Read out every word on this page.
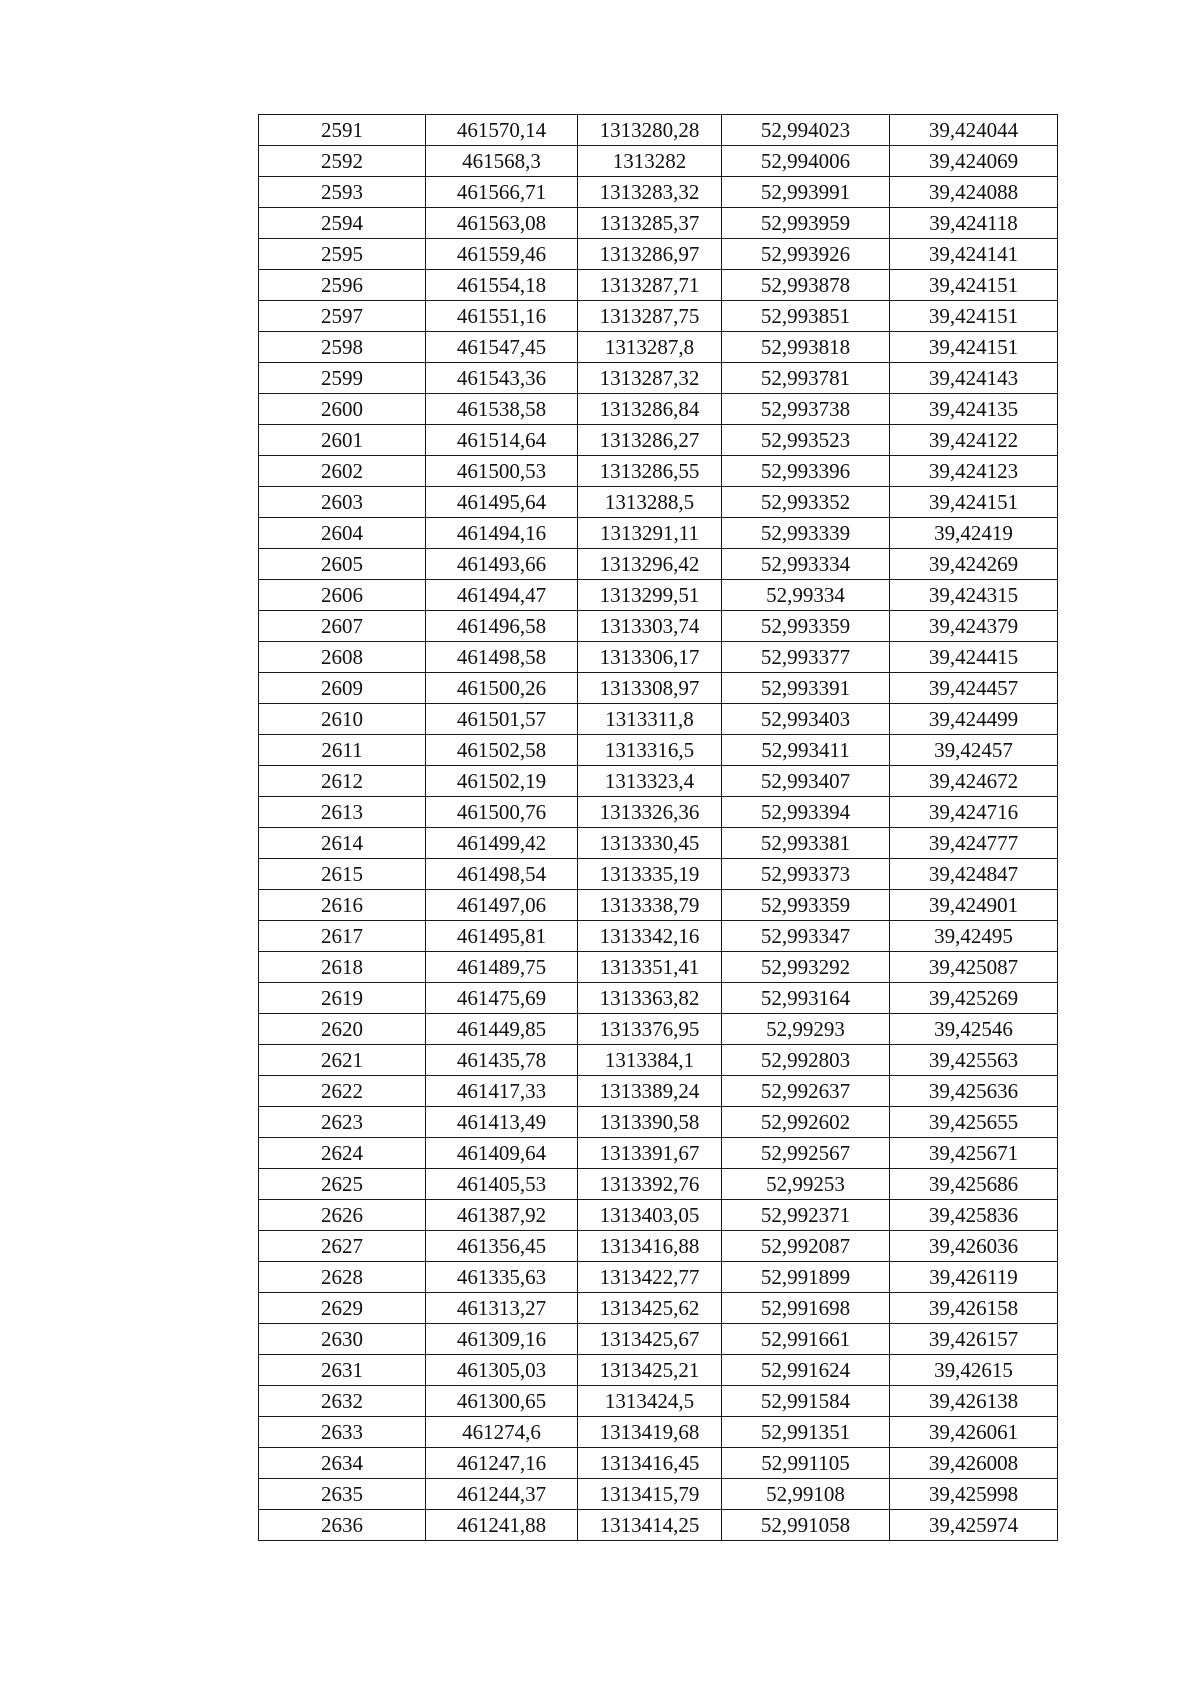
2591	461570,14	1313280,28	52,994023	39,424044
2592	461568,3	1313282	52,994006	39,424069
2593	461566,71	1313283,32	52,993991	39,424088
2594	461563,08	1313285,37	52,993959	39,424118
2595	461559,46	1313286,97	52,993926	39,424141
2596	461554,18	1313287,71	52,993878	39,424151
2597	461551,16	1313287,75	52,993851	39,424151
2598	461547,45	1313287,8	52,993818	39,424151
2599	461543,36	1313287,32	52,993781	39,424143
2600	461538,58	1313286,84	52,993738	39,424135
2601	461514,64	1313286,27	52,993523	39,424122
2602	461500,53	1313286,55	52,993396	39,424123
2603	461495,64	1313288,5	52,993352	39,424151
2604	461494,16	1313291,11	52,993339	39,42419
2605	461493,66	1313296,42	52,993334	39,424269
2606	461494,47	1313299,51	52,99334	39,424315
2607	461496,58	1313303,74	52,993359	39,424379
2608	461498,58	1313306,17	52,993377	39,424415
2609	461500,26	1313308,97	52,993391	39,424457
2610	461501,57	1313311,8	52,993403	39,424499
2611	461502,58	1313316,5	52,993411	39,42457
2612	461502,19	1313323,4	52,993407	39,424672
2613	461500,76	1313326,36	52,993394	39,424716
2614	461499,42	1313330,45	52,993381	39,424777
2615	461498,54	1313335,19	52,993373	39,424847
2616	461497,06	1313338,79	52,993359	39,424901
2617	461495,81	1313342,16	52,993347	39,42495
2618	461489,75	1313351,41	52,993292	39,425087
2619	461475,69	1313363,82	52,993164	39,425269
2620	461449,85	1313376,95	52,99293	39,42546
2621	461435,78	1313384,1	52,992803	39,425563
2622	461417,33	1313389,24	52,992637	39,425636
2623	461413,49	1313390,58	52,992602	39,425655
2624	461409,64	1313391,67	52,992567	39,425671
2625	461405,53	1313392,76	52,99253	39,425686
2626	461387,92	1313403,05	52,992371	39,425836
2627	461356,45	1313416,88	52,992087	39,426036
2628	461335,63	1313422,77	52,991899	39,426119
2629	461313,27	1313425,62	52,991698	39,426158
2630	461309,16	1313425,67	52,991661	39,426157
2631	461305,03	1313425,21	52,991624	39,42615
2632	461300,65	1313424,5	52,991584	39,426138
2633	461274,6	1313419,68	52,991351	39,426061
2634	461247,16	1313416,45	52,991105	39,426008
2635	461244,37	1313415,79	52,99108	39,425998
2636	461241,88	1313414,25	52,991058	39,425974
